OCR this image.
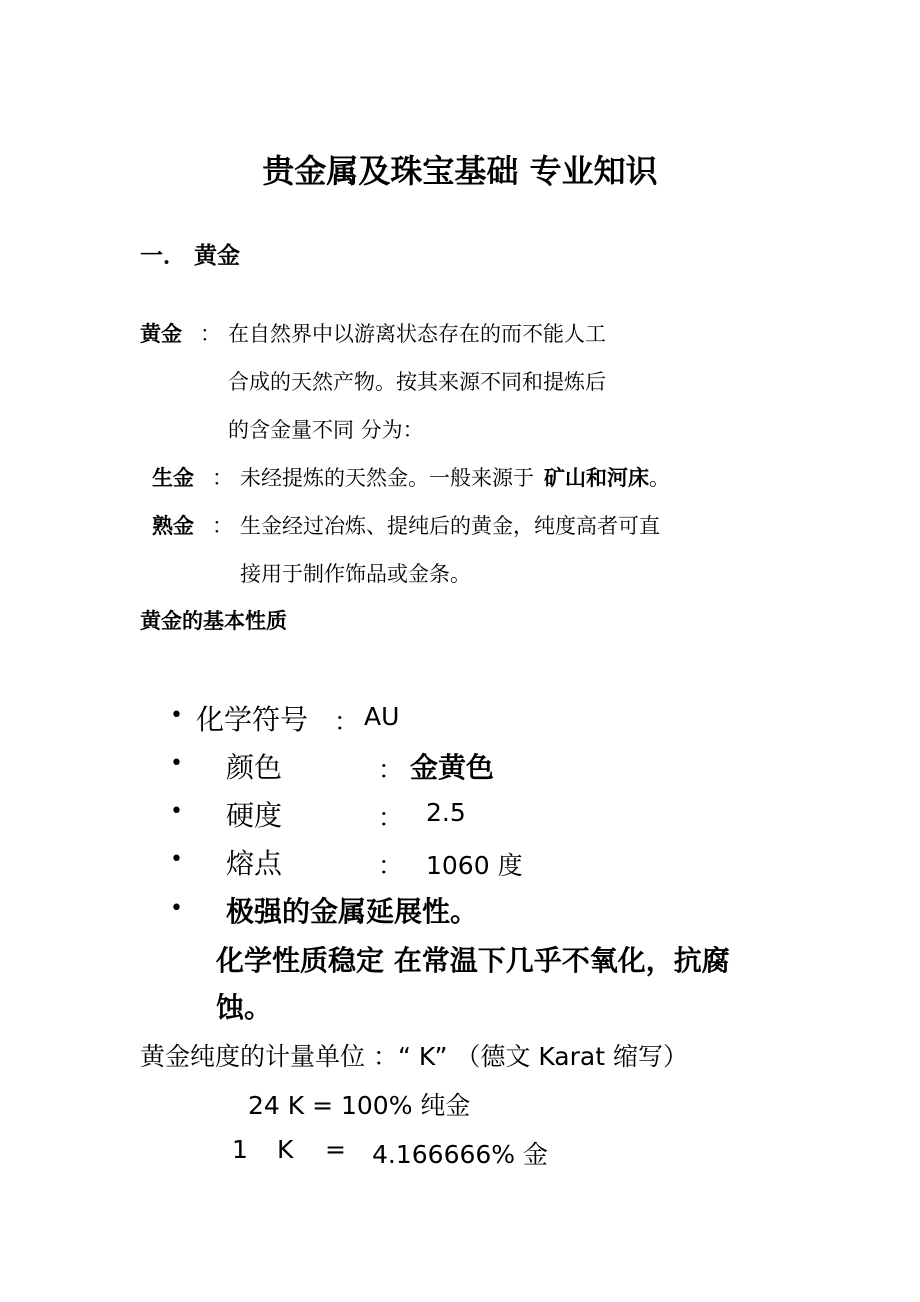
贵金属及珠宝基础 专业知识
一． 黄金
黄金 ： 在自然界中以游离状态存在的而不能人工
合成的天然产物。按其来源不同和提炼后
的含金量不同 分为：
生金 ： 未经提炼的天然金。一般来源于 矿山和河床。
熟金 ： 生金经过冶炼、提纯后的黄金，纯度高者可直
接用于制作饰品或金条。
黄金的基本性质
• 化学符号 ： AU
• 颜色	： 金黄色
• 硬度	： 2.5
• 熔点	： 1060 度
• 极强的金属延展性。
化学性质稳定 在常温下几乎不氧化，抗腐
蚀。
黄金纯度的计量单位 ：“ K” （德文 Karat 缩写）
24 K = 100% 纯金
1 K = 4.166666% 金
